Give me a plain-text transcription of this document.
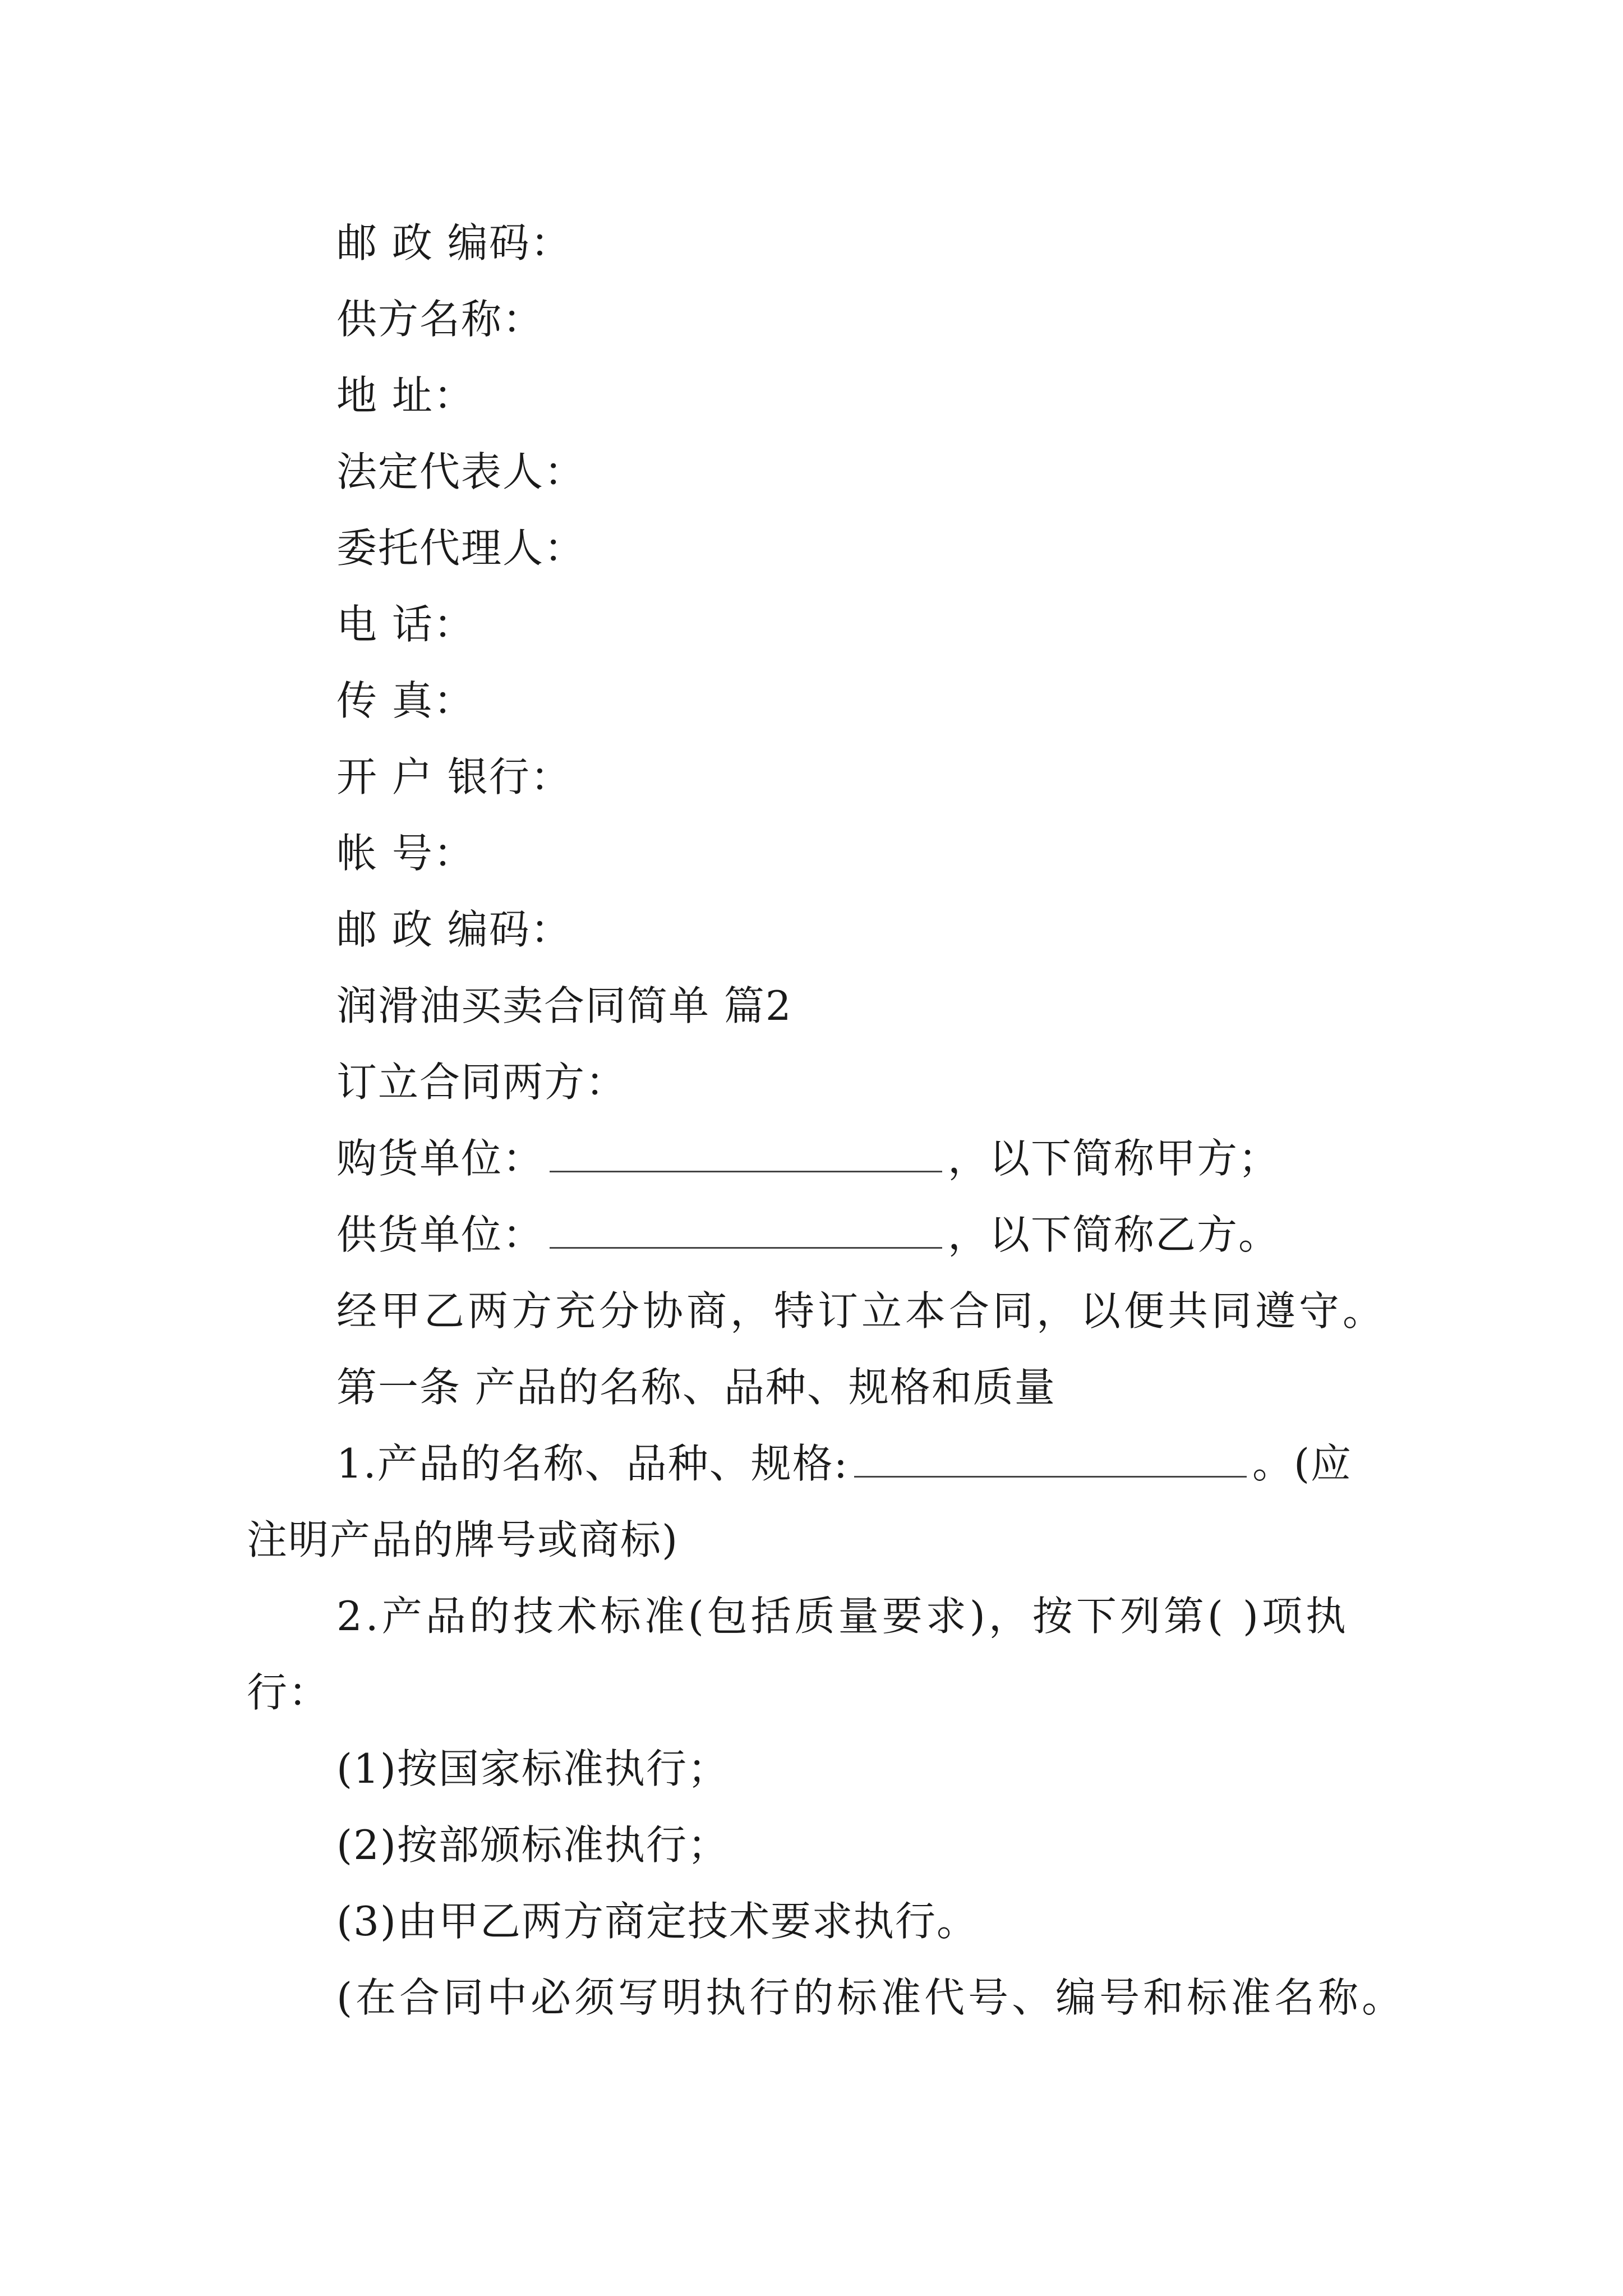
邮 政 编码：
供方名称：
地 址：
法定代表人：
委托代理人：
电 话：
传 真：
开 户 银行：
帐 号：
邮 政 编码：
润滑油买卖合同简单 篇2
订立合同两方：
购货单位：	，以下简称甲方；
供货单位：	，以下简称乙方。
经甲乙两方充分协商，特订立本合同，以便共同遵守。
第一条 产品的名称、品种、规格和质量
1.产品的名称、品种、规格:	。(应
注明产品的牌号或商标)
2.产品的技术标准(包括质量要求)，按下列第( )项执
行：
(1)按国家标准执行；
(2)按部颁标准执行；
(3)由甲乙两方商定技术要求执行。
(在合同中必须写明执行的标准代号、编号和标准名称。
